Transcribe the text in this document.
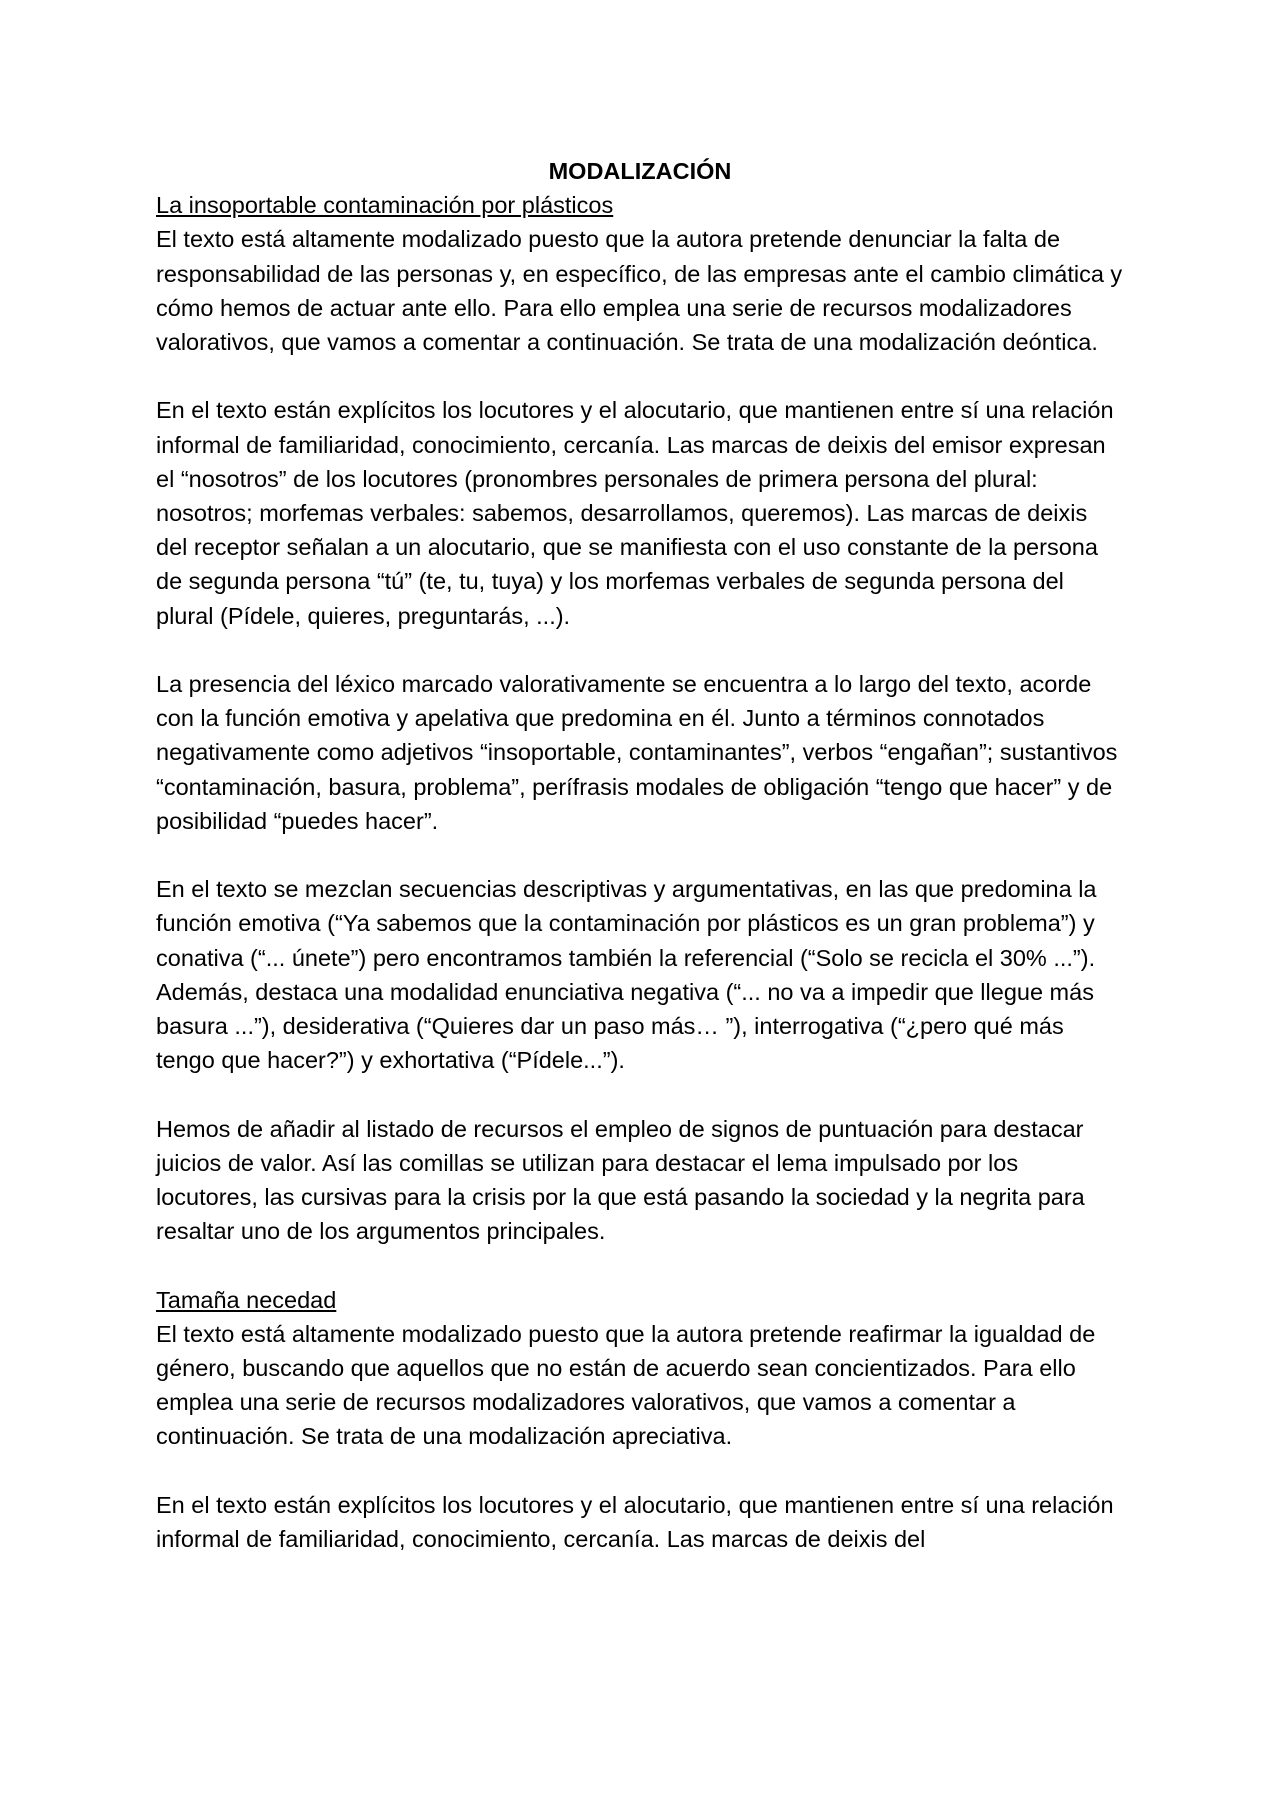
MODALIZACIÓN
La insoportable contaminación por plásticos

El texto está altamente modalizado puesto que la autora pretende denunciar la falta de responsabilidad de las personas y, en específico, de las empresas ante el cambio climática y cómo hemos de actuar ante ello. Para ello emplea una serie de recursos modalizadores valorativos, que vamos a comentar a continuación. Se trata de una modalización deóntica.

En el texto están explícitos los locutores y el alocutario, que mantienen entre sí una relación informal de familiaridad, conocimiento, cercanía. Las marcas de deixis del emisor expresan el “nosotros” de los locutores (pronombres personales de primera persona del plural: nosotros; morfemas verbales: sabemos, desarrollamos, queremos). Las marcas de deixis del receptor señalan a un alocutario, que se manifiesta con el uso constante de la persona de segunda persona “tú” (te, tu, tuya) y los morfemas verbales de segunda persona del plural (Pídele, quieres, preguntarás, ...).

La presencia del léxico marcado valorativamente se encuentra a lo largo del texto, acorde con la función emotiva y apelativa que predomina en él. Junto a términos connotados negativamente como adjetivos “insoportable, contaminantes”, verbos “engañan”; sustantivos “contaminación, basura, problema”, perífrasis modales de obligación “tengo que hacer” y de posibilidad “puedes hacer”.

En el texto se mezclan secuencias descriptivas y argumentativas, en las que predomina la función emotiva (“Ya sabemos que la contaminación por plásticos es un gran problema”) y conativa (“... únete”) pero encontramos también la referencial (“Solo se recicla el 30% ...”). Además, destaca una modalidad enunciativa negativa (“... no va a impedir que llegue más basura ...”), desiderativa (“Quieres dar un paso más… ”), interrogativa (“¿pero qué más tengo que hacer?”) y exhortativa (“Pídele...”).

Hemos de añadir al listado de recursos el empleo de signos de puntuación para destacar juicios de valor. Así las comillas se utilizan para destacar el lema impulsado por los locutores, las cursivas para la crisis por la que está pasando la sociedad y la negrita para resaltar uno de los argumentos principales.

Tamaña necedad

El texto está altamente modalizado puesto que la autora pretende reafirmar la igualdad de género, buscando que aquellos que no están de acuerdo sean concientizados. Para ello emplea una serie de recursos modalizadores valorativos, que vamos a comentar a continuación. Se trata de una modalización apreciativa.

En el texto están explícitos los locutores y el alocutario, que mantienen entre sí una relación informal de familiaridad, conocimiento, cercanía. Las marcas de deixis del
